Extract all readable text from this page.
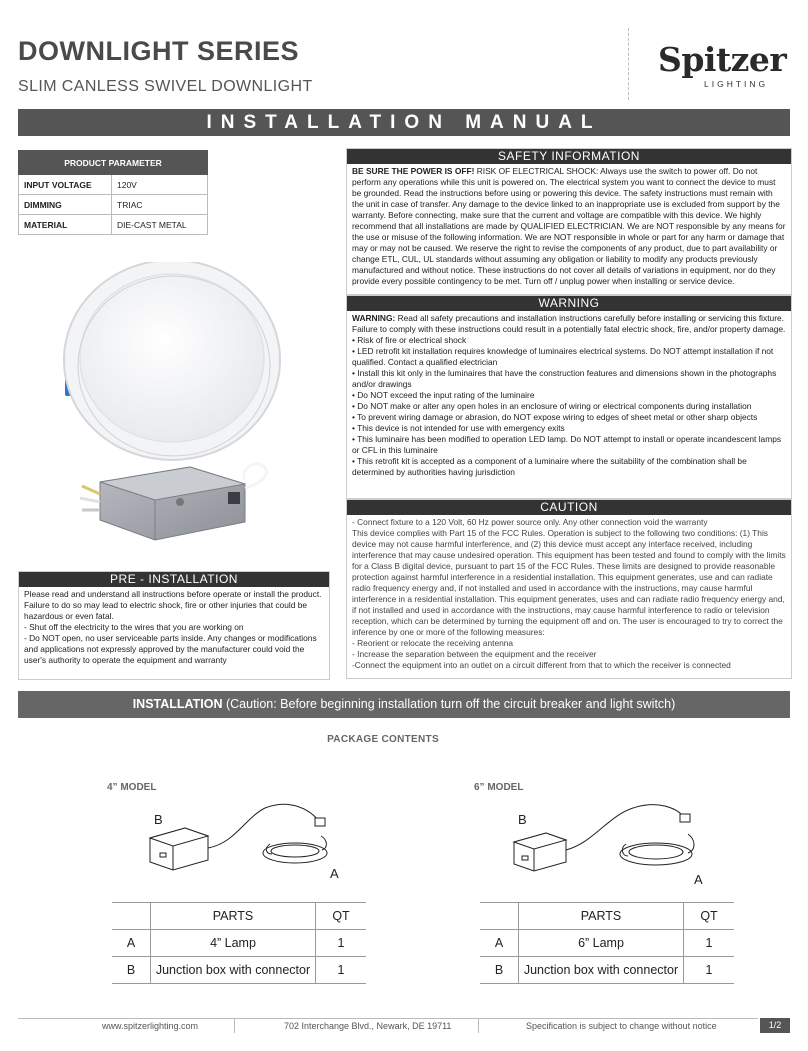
DOWNLIGHT SERIES
SLIM CANLESS SWIVEL DOWNLIGHT
Spitzer
LIGHTING
INSTALLATION MANUAL
PRODUCT PARAMETER	
INPUT VOLTAGE	120V
DIMMING	TRIAC
MATERIAL	DIE-CAST METAL
SAFETY INFORMATION
BE SURE THE POWER IS OFF! RISK OF ELECTRICAL SHOCK: Always use the switch to power off. Do not perform any operations while this unit is powered on. The electrical system you want to connect the device to must be grounded. Read the instructions before using or powering this device. The safety instructions must remain with the unit in case of transfer. Any damage to the device linked to an inappropriate use is excluded from support by the warranty. Before connecting, make sure that the current and voltage are compatible with this device. We highly recommend that all installations are made by QUALIFIED ELECTRICIAN. We are NOT responsible by any means for the use or misuse of the following information. We are NOT responsible in whole or part for any harm or damage that may or may not be caused. We reserve the right to revise the components of any product, due to part availability or change ETL, CUL, UL standards without assuming any obligation or liability to modify any products previously manufactured and without notice. These instructions do not cover all details of variations in equipment, nor do they provide every possible contingency to be met. Turn off / unplug power when installing or service device.
WARNING
WARNING: Read all safety precautions and installation instructions carefully before installing or servicing this fixture. Failure to comply with these instructions could result in a potentially fatal electric shock, fire, and/or property damage.
• Risk of fire or electrical shock
• LED retrofit kit installation requires knowledge of luminaires electrical systems. Do NOT attempt installation if not qualified. Contact a qualified electrician
• Install this kit only in the luminaires that have the construction features and dimensions shown in the photographs and/or drawings
• Do NOT exceed the input rating of the luminaire
• Do NOT make or alter any open holes in an enclosure of wiring or electrical components during installation
• To prevent wiring damage or abrasion, do NOT expose wiring to edges of sheet metal or other sharp objects
• This device is not intended for use with emergency exits
• This luminaire has been modified to operation LED lamp. Do NOT attempt to install or operate incandescent lamps or CFL in this luminaire
• This retrofit kit is accepted as a component of a luminaire where the suitability of the combination shall be determined by authorities having jurisdiction
CAUTION
- Connect fixture to a 120 Volt, 60 Hz power source only. Any other connection void the warranty
This device complies with Part 15 of the FCC Rules. Operation is subject to the following two conditions: (1) This device may not cause harmful interference, and (2) this device must accept any interface received, including interference that may cause undesired operation. This equipment has been tested and found to comply with the limits for a Class B digital device, pursuant to part 15 of the FCC Rules. These limits are designed to provide reasonable protection against harmful interference in a residential installation. This equipment generates, use and can radiate radio frequency energy and, if not installed and used in accordance with the instructions, may cause harmful interference in a residential installation. This equipment generates, uses and can radiate radio frequency energy and, if not installed and used in accordance with the instructions, may cause harmful interference to radio or television reception, which can be determined by turning the equipment off and on. The user is encouraged to try to correct the inference by one or more of the following measures:
- Reorient or relocate the receiving antenna
- Increase the separation between the equipment and the receiver
-Connect the equipment into an outlet on a circuit different from that to which the receiver is connected
PRE - INSTALLATION
Please read and understand all instructions before operate or install the product. Failure to do so may lead to electric shock, fire or other injuries that could be hazardous or even fatal.
- Shut off the electricity to the wires that you are working on
- Do NOT open, no user serviceable parts inside. Any changes or modifications and applications not expressly approved by the manufacturer could void the user's authority to operate the equipment and warranty
INSTALLATION (Caution: Before beginning installation turn off the circuit breaker and light switch)
PACKAGE CONTENTS
4” MODEL
B
A
	PARTS	QT
A	4” Lamp	1
B	Junction box with connector	1
6” MODEL
B
A
	PARTS	QT
A	6” Lamp	1
B	Junction box with connector	1
www.spitzerlighting.com	702 Interchange Blvd., Newark, DE 19711	Specification is subject to change without notice	1/2
